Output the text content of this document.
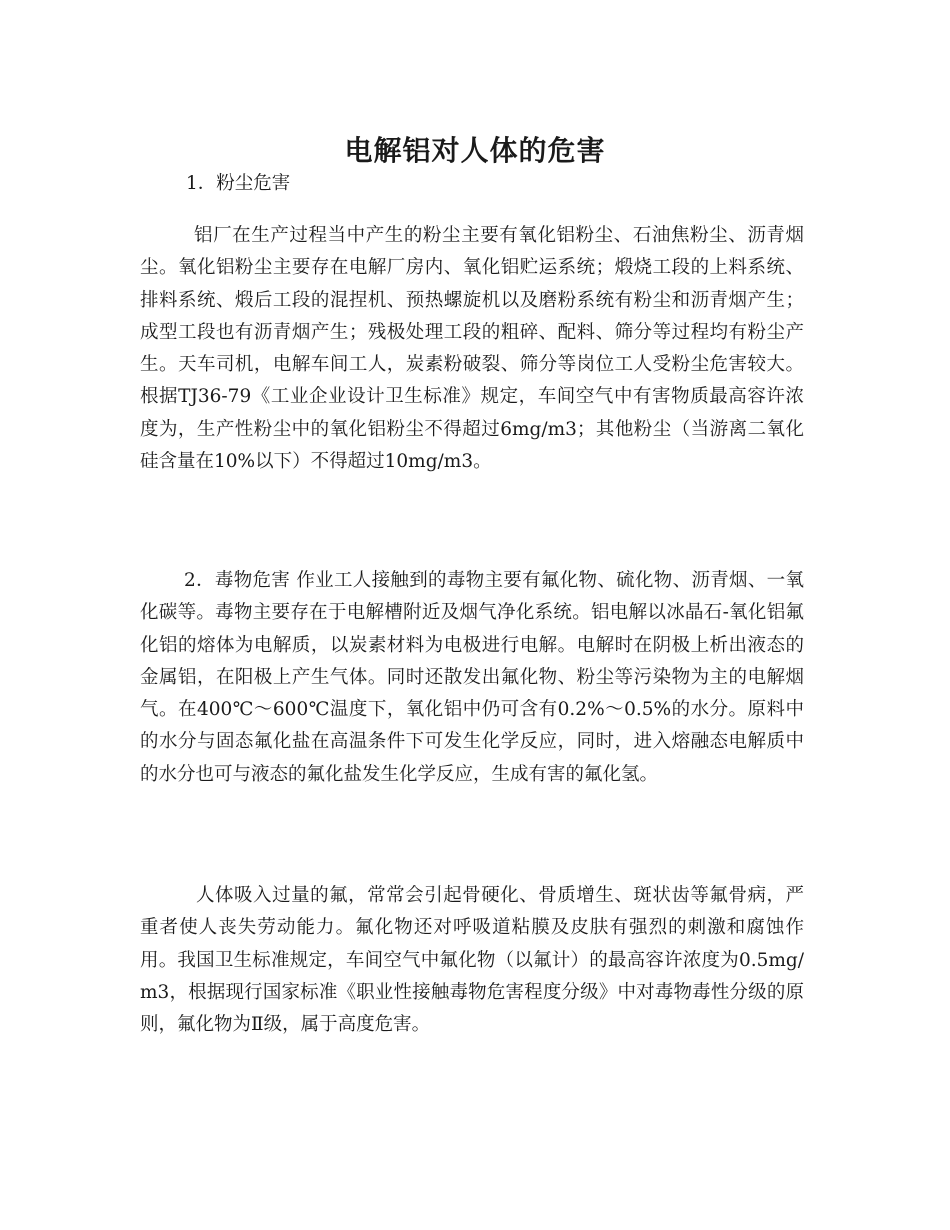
电解铝对人体的危害

1．粉尘危害

铝厂在生产过程当中产生的粉尘主要有氧化铝粉尘、石油焦粉尘、沥青烟尘。氧化铝粉尘主要存在电解厂房内、氧化铝贮运系统；煅烧工段的上料系统、排料系统、煅后工段的混捏机、预热螺旋机以及磨粉系统有粉尘和沥青烟产生；成型工段也有沥青烟产生；残极处理工段的粗碎、配料、筛分等过程均有粉尘产生。天车司机，电解车间工人，炭素粉破裂、筛分等岗位工人受粉尘危害较大。根据TJ36-79《工业企业设计卫生标准》规定，车间空气中有害物质最高容许浓度为，生产性粉尘中的氧化铝粉尘不得超过6mg/m3；其他粉尘（当游离二氧化硅含量在10%以下）不得超过10mg/m3。

2．毒物危害 作业工人接触到的毒物主要有氟化物、硫化物、沥青烟、一氧化碳等。毒物主要存在于电解槽附近及烟气净化系统。铝电解以冰晶石-氧化铝氟化铝的熔体为电解质，以炭素材料为电极进行电解。电解时在阴极上析出液态的金属铝，在阳极上产生气体。同时还散发出氟化物、粉尘等污染物为主的电解烟气。在400℃～600℃温度下，氧化铝中仍可含有0.2%～0.5%的水分。原料中的水分与固态氟化盐在高温条件下可发生化学反应，同时，进入熔融态电解质中的水分也可与液态的氟化盐发生化学反应，生成有害的氟化氢。

人体吸入过量的氟，常常会引起骨硬化、骨质增生、斑状齿等氟骨病，严重者使人丧失劳动能力。氟化物还对呼吸道粘膜及皮肤有强烈的刺激和腐蚀作用。我国卫生标准规定，车间空气中氟化物（以氟计）的最高容许浓度为0.5mg/m3，根据现行国家标准《职业性接触毒物危害程度分级》中对毒物毒性分级的原则，氟化物为Ⅱ级，属于高度危害。
